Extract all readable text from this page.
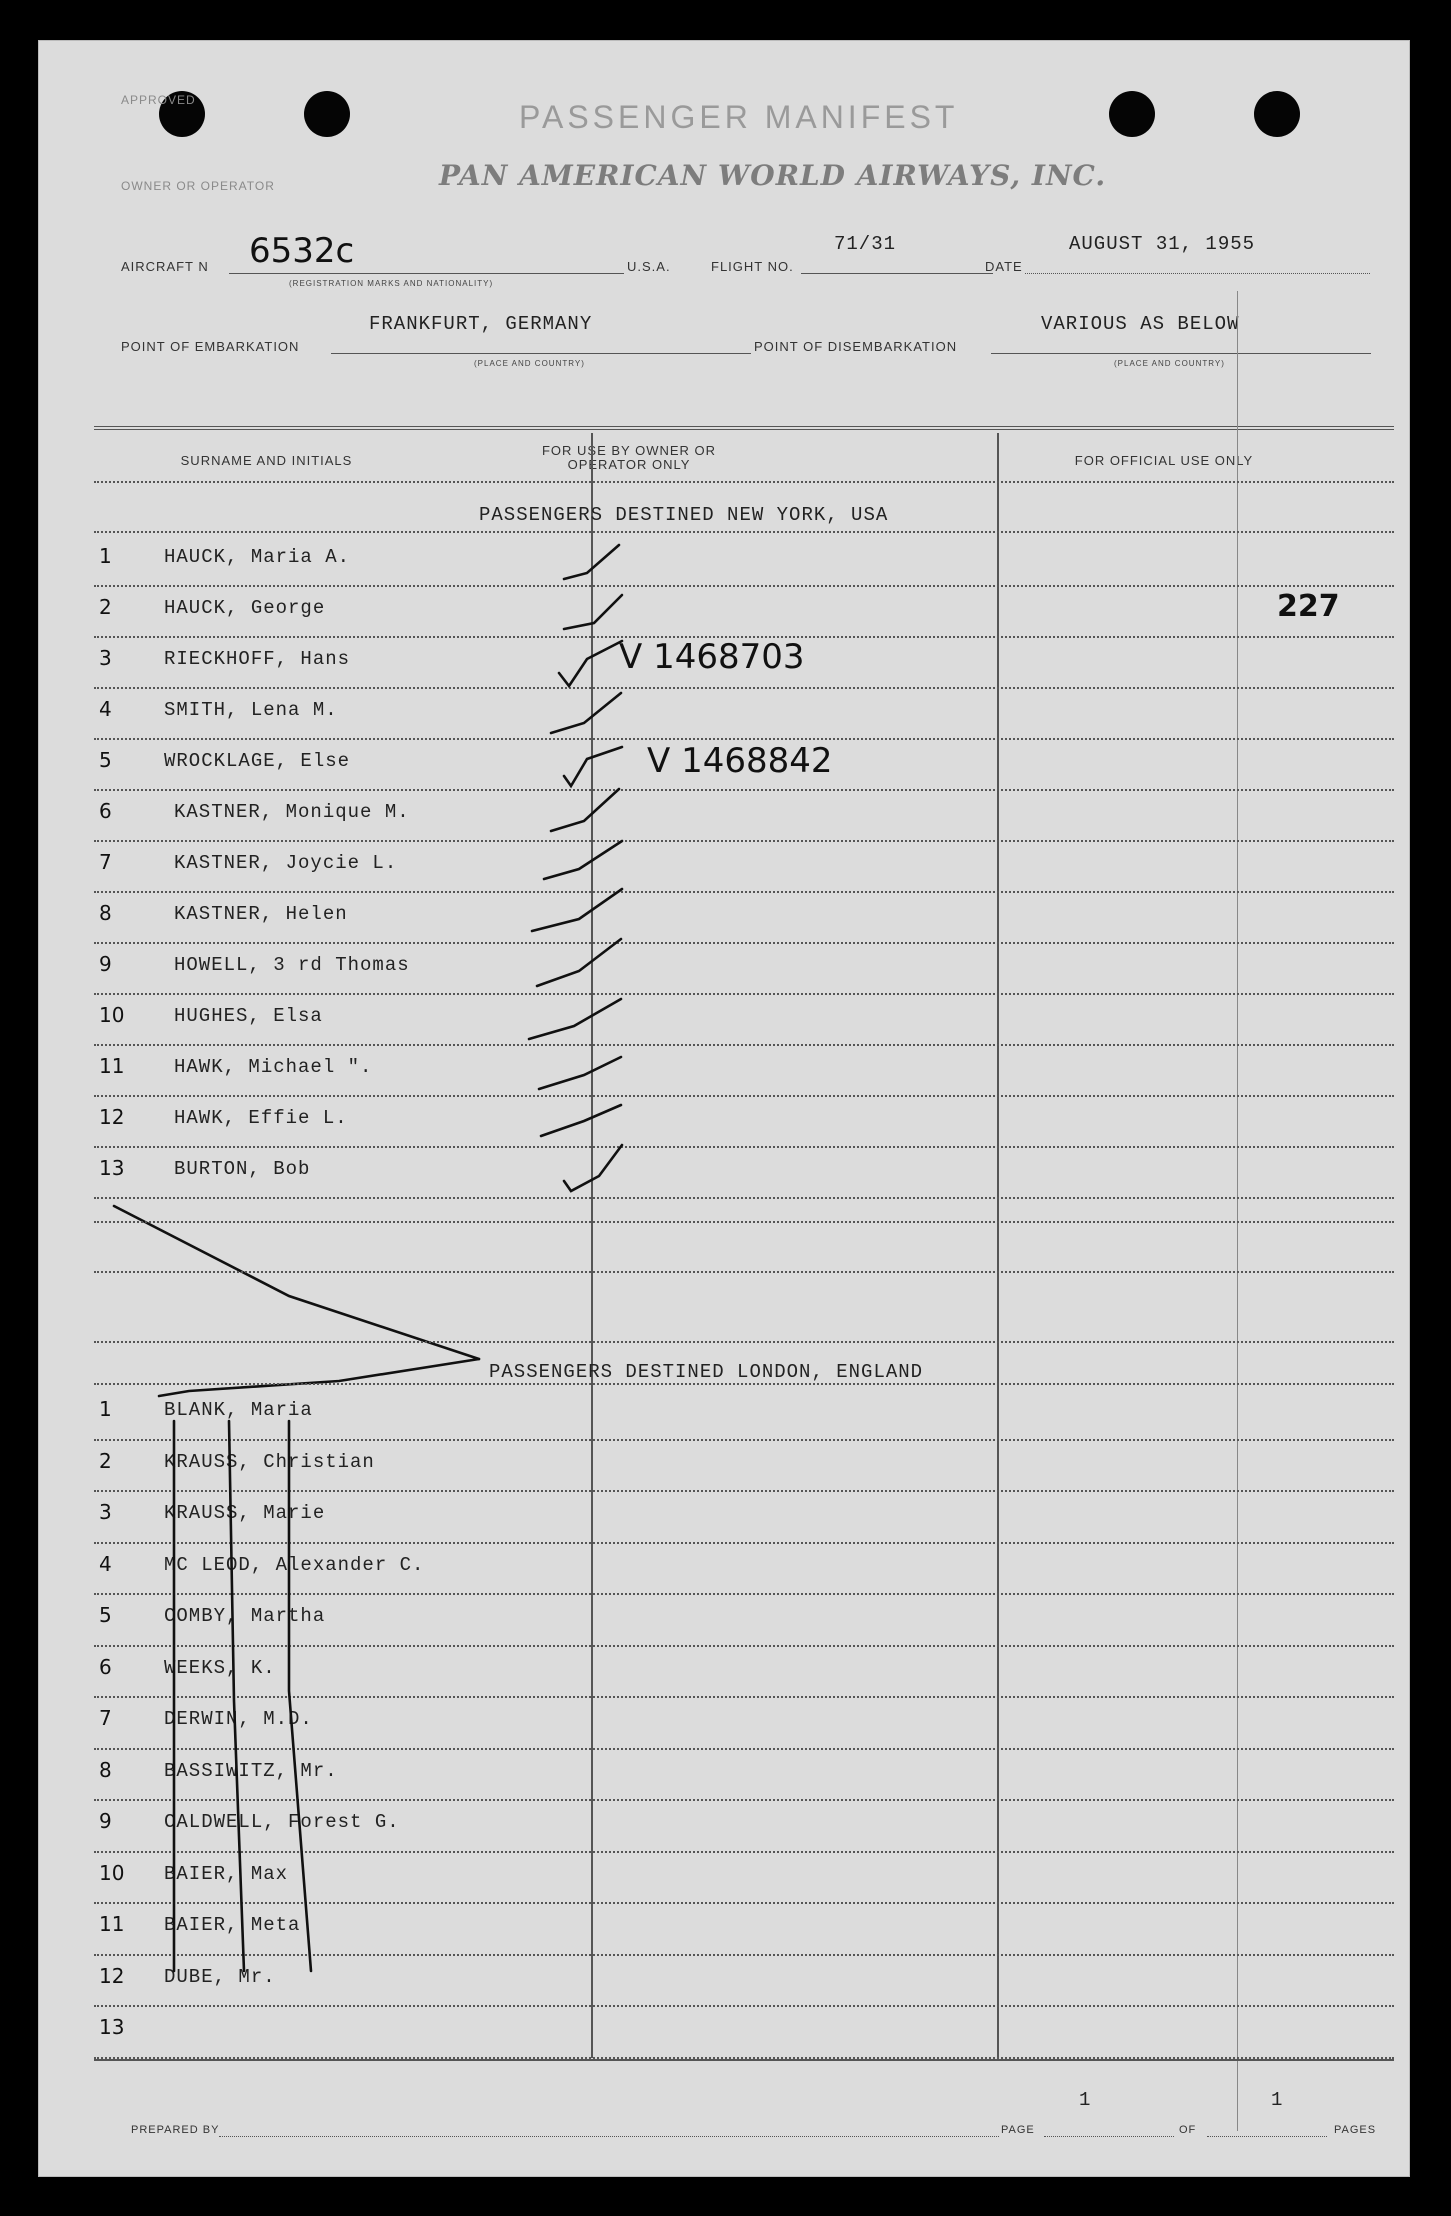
APPROVED	PASSENGER MANIFEST
OWNER OR OPERATOR	PAN AMERICAN WORLD AIRWAYS, INC.
AIRCRAFT N 6532c
(REGISTRATION MARKS AND NATIONALITY)
U.S.A.	FLIGHT NO.
71/31
DATE
AUGUST 31, 1955
POINT OF EMBARKATION
FRANKFURT, GERMANY
(PLACE AND COUNTRY)
POINT OF DISEMBARKATION
VARIOUS AS BELOW
(PLACE AND COUNTRY)
SURNAME AND INITIALS
FOR USE BY OWNER OR OPERATOR ONLY	FOR OFFICIAL USE ONLY
PASSENGERS DESTINED NEW YORK, USA
1	HAUCK, Maria A.
2	HAUCK, George
3	RIECKHOFF, Hans
4	SMITH, Lena M.
5	WROCKLAGE, Else
6	KASTNER, Monique M.
7	KASTNER, Joycie L.
8	KASTNER, Helen
9	HOWELL, 3 rd Thomas
10	HUGHES, Elsa
11	HAWK, Michael ".
12	HAWK, Effie L.
13	BURTON, Bob
PASSENGERS DESTINED LONDON, ENGLAND
1	BLANK, Maria
2	KRAUSS, Christian
3	KRAUSS, Marie
4	MC LEOD, Alexander C.
5	COMBY, Martha
6	WEEKS, K.
7	DERWIN, M.D.
8	BASSIWITZ, Mr.
9	CALDWELL, Forest G.
10 BAIER, Max
11 BAIER, Meta
12 DUBE, Mr.
13
V 1468703
V 1468842
227
PREPARED BY	PAGE
1
OF
1
PAGES
